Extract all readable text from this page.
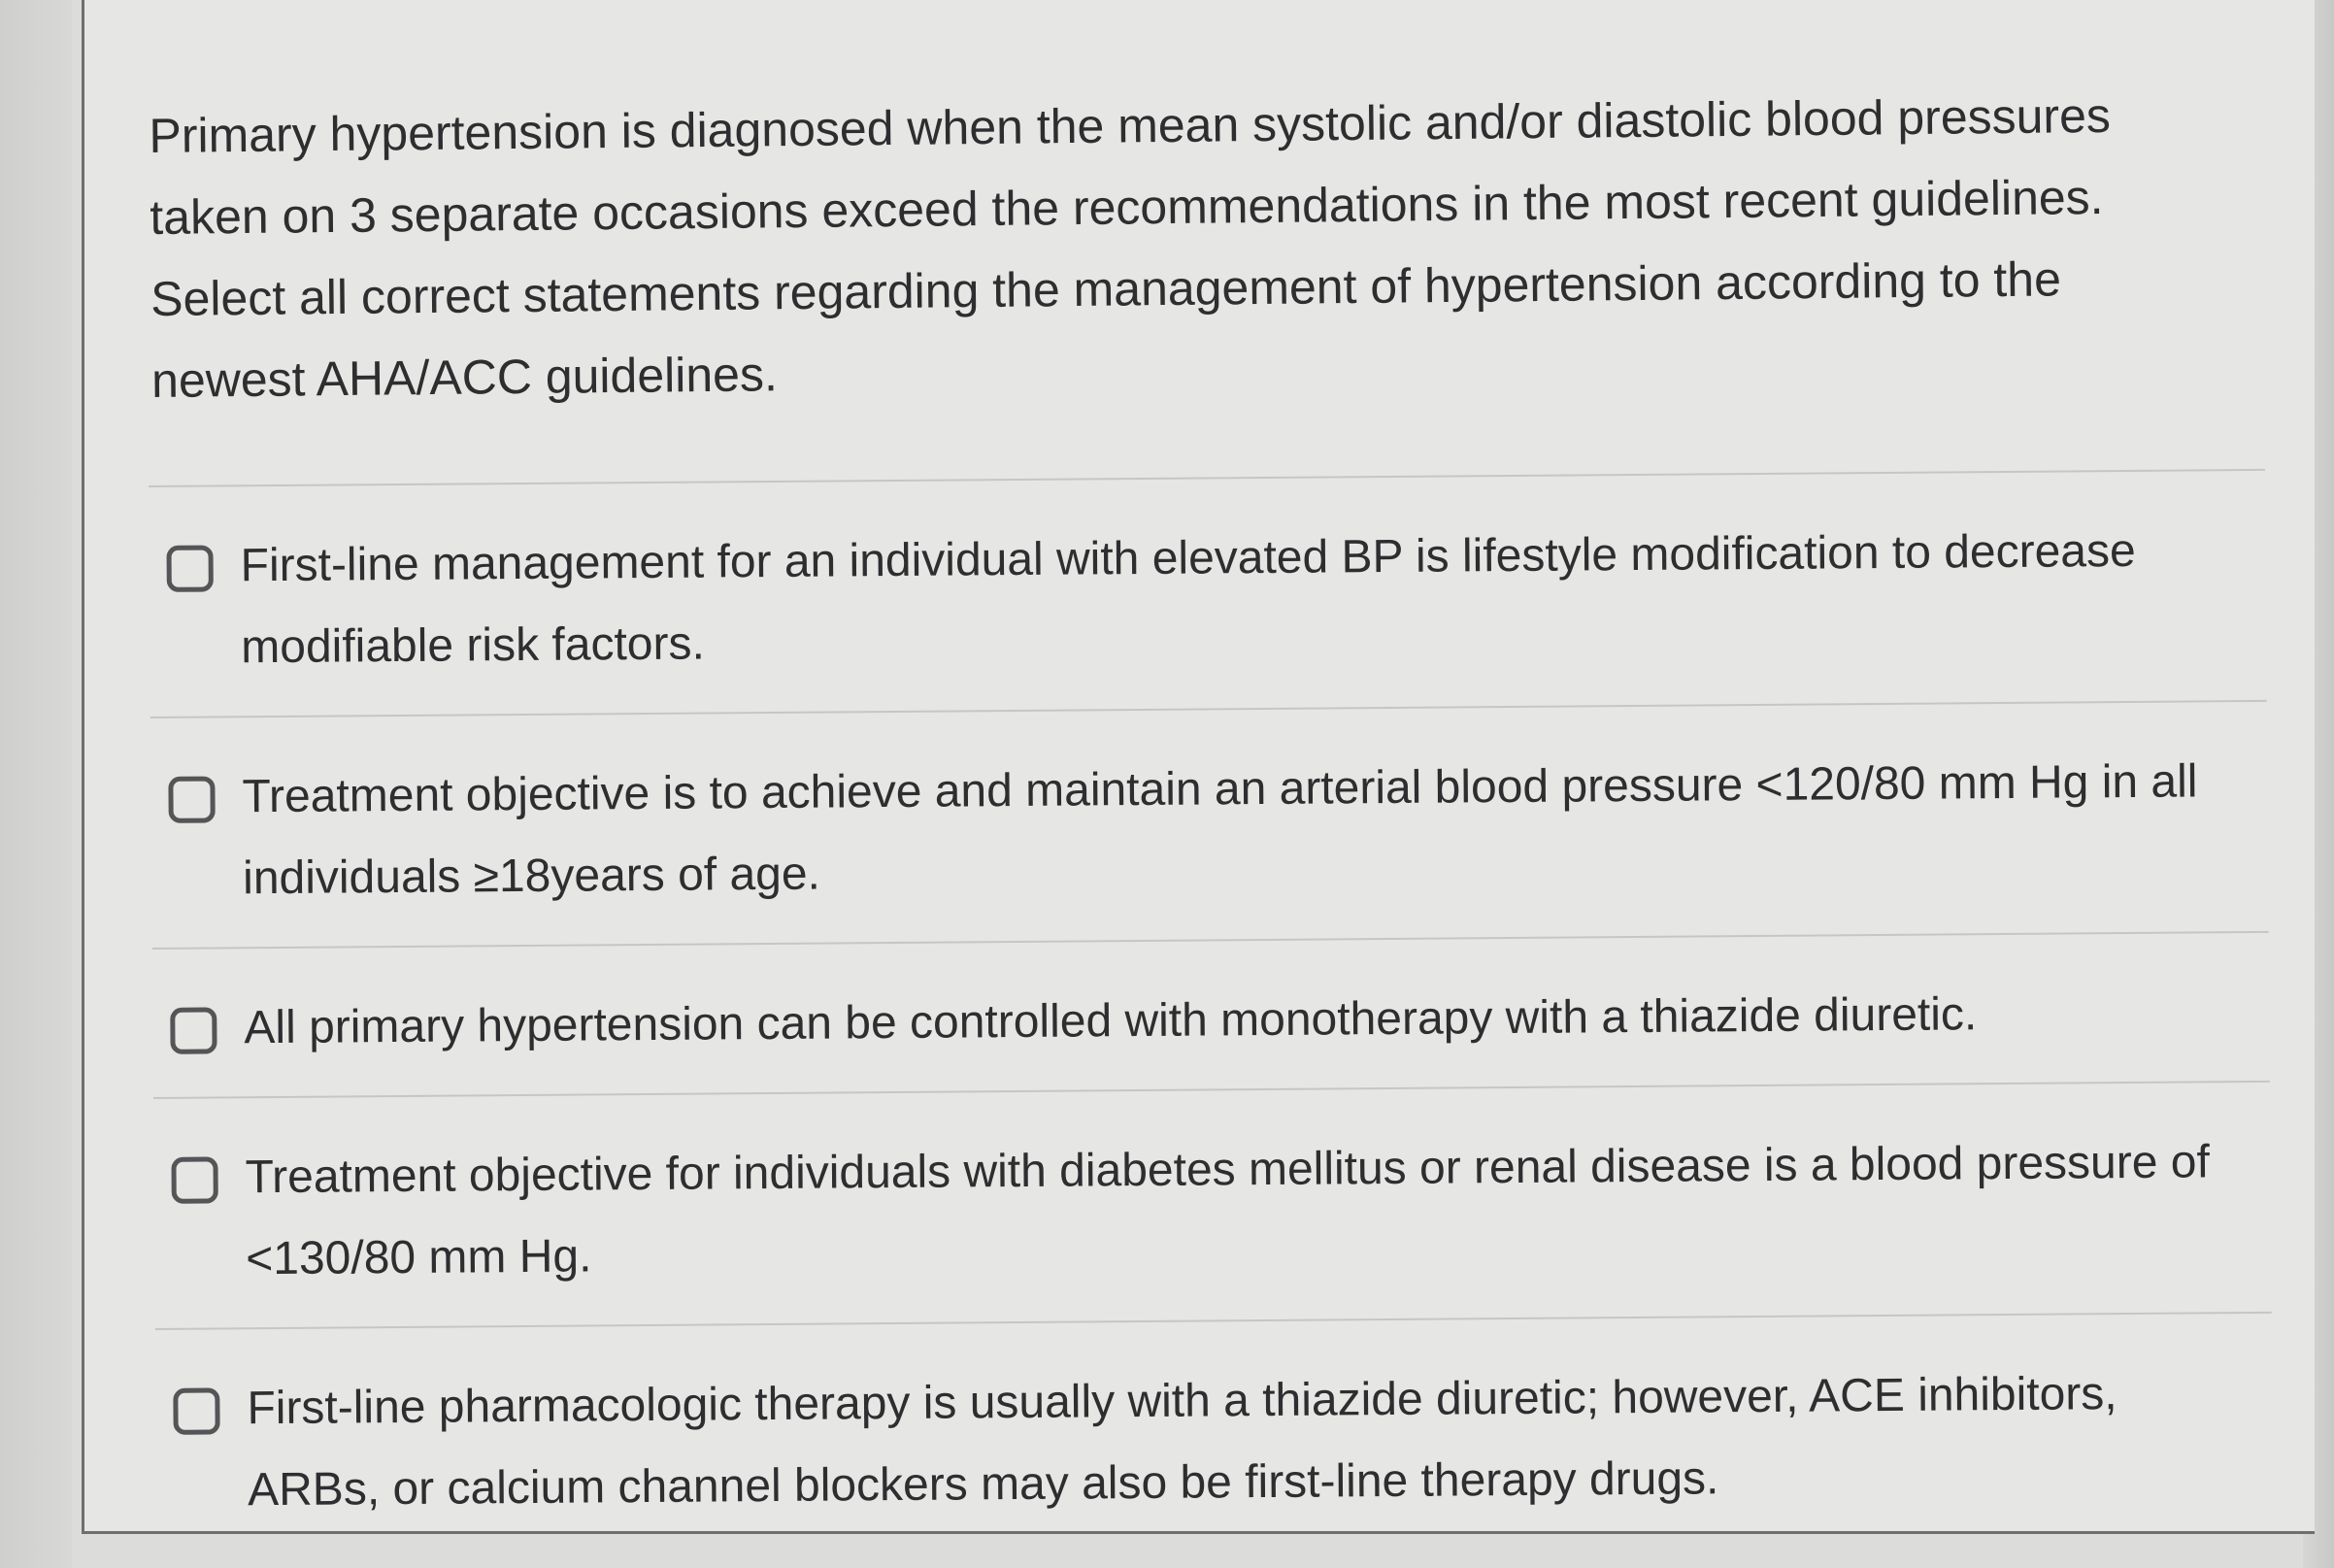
Primary hypertension is diagnosed when the mean systolic and/or diastolic blood pressures taken on 3 separate occasions exceed the recommendations in the most recent guidelines. Select all correct statements regarding the management of hypertension according to the newest AHA/ACC guidelines.

First-line management for an individual with elevated BP is lifestyle modification to decrease modifiable risk factors.
Treatment objective is to achieve and maintain an arterial blood pressure <120/80 mm Hg in all individuals ≥18years of age.
All primary hypertension can be controlled with monotherapy with a thiazide diuretic.
Treatment objective for individuals with diabetes mellitus or renal disease is a blood pressure of <130/80 mm Hg.
First-line pharmacologic therapy is usually with a thiazide diuretic; however, ACE inhibitors, ARBs, or calcium channel blockers may also be first-line therapy drugs.
